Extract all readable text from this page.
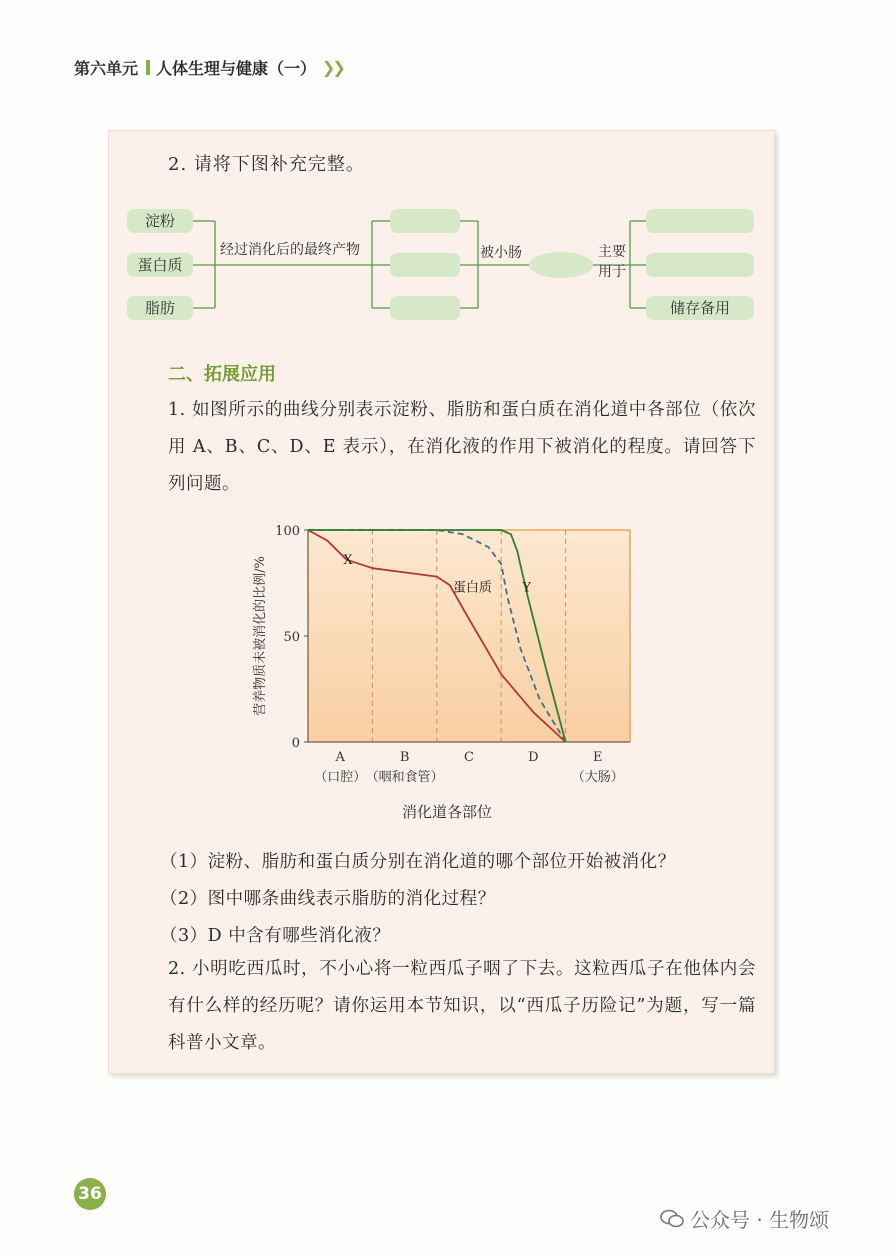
第六单元 人体生理与健康（一） ❯❯
2. 请将下图补充完整。
淀粉
蛋白质
脂肪
经过消化后的最终产物	被小肠	主要
用于
储存备用
二、拓展应用
1. 如图所示的曲线分别表示淀粉、脂肪和蛋白质在消化道中各部位（依次用 A、B、C、D、E 表示），在消化液的作用下被消化的程度。请回答下列问题。
100
50
0
A
（口腔）
B
（咽和食管）
C	D	E
（大肠）
营养物质未被消化的比例/%	X
蛋白质 Y
消化道各部位
（1）淀粉、脂肪和蛋白质分别在消化道的哪个部位开始被消化？
（2）图中哪条曲线表示脂肪的消化过程？
（3）D 中含有哪些消化液？
2. 小明吃西瓜时，不小心将一粒西瓜子咽了下去。这粒西瓜子在他体内会有什么样的经历呢？请你运用本节知识，以“西瓜子历险记”为题，写一篇科普小文章。
36
公众号 · 生物颂
